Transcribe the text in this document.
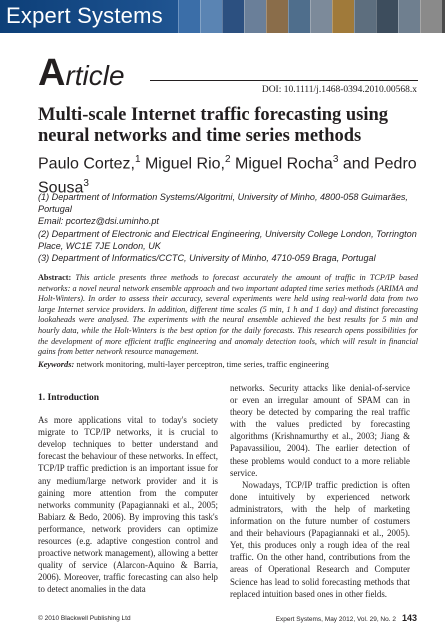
Expert Systems
Article	DOI: 10.1111/j.1468-0394.2010.00568.x
Multi-scale Internet traffic forecasting using neural networks and time series methods
Paulo Cortez,$^1$ Miguel Rio,$^2$ Miguel Rocha$^3$ and Pedro Sousa$^3$
(1) Department of Information Systems/Algoritmi, University of Minho, 4800-058 Guimarães, Portugal
Email: pcortez@dsi.uminho.pt
(2) Department of Electronic and Electrical Engineering, University College London, Torrington Place, WC1E 7JE London, UK
(3) Department of Informatics/CCTC, University of Minho, 4710-059 Braga, Portugal
Abstract: This article presents three methods to forecast accurately the amount of traffic in TCP/IP based networks: a novel neural network ensemble approach and two important adapted time series methods (ARIMA and Holt-Winters). In order to assess their accuracy, several experiments were held using real-world data from two large Internet service providers. In addition, different time scales (5 min, 1 h and 1 day) and distinct forecasting lookaheads were analysed. The experiments with the neural ensemble achieved the best results for 5 min and hourly data, while the Holt-Winters is the best option for the daily forecasts. This research opens possibilities for the development of more efficient traffic engineering and anomaly detection tools, which will result in financial gains from better network resource management.
Keywords: network monitoring, multi-layer perceptron, time series, traffic engineering
1. Introduction

As more applications vital to today's society migrate to TCP/IP networks, it is crucial to develop techniques to better understand and forecast the behaviour of these networks. In effect, TCP/IP traffic prediction is an important issue for any medium/large network provider and it is gaining more attention from the computer networks community (Papagiannaki et al., 2005; Babiarz & Bedo, 2006). By improving this task's performance, network providers can optimize resources (e.g. adaptive congestion control and proactive network management), allowing a better quality of service (Alarcon-Aquino & Barria, 2006). Moreover, traffic forecasting can also help to detect anomalies in the data

networks. Security attacks like denial-of-service or even an irregular amount of SPAM can in theory be detected by comparing the real traffic with the values predicted by forecasting algorithms (Krishnamurthy et al., 2003; Jiang & Papavassiliou, 2004). The earlier detection of these problems would conduct to a more reliable service.

Nowadays, TCP/IP traffic prediction is often done intuitively by experienced network administrators, with the help of marketing information on the future number of costumers and their behaviours (Papagiannaki et al., 2005). Yet, this produces only a rough idea of the real traffic. On the other hand, contributions from the areas of Operational Research and Computer Science has lead to solid forecasting methods that replaced intuition based ones in other fields.

© 2010 Blackwell Publishing Ltd	Expert Systems, May 2012, Vol. 29, No. 2 143
